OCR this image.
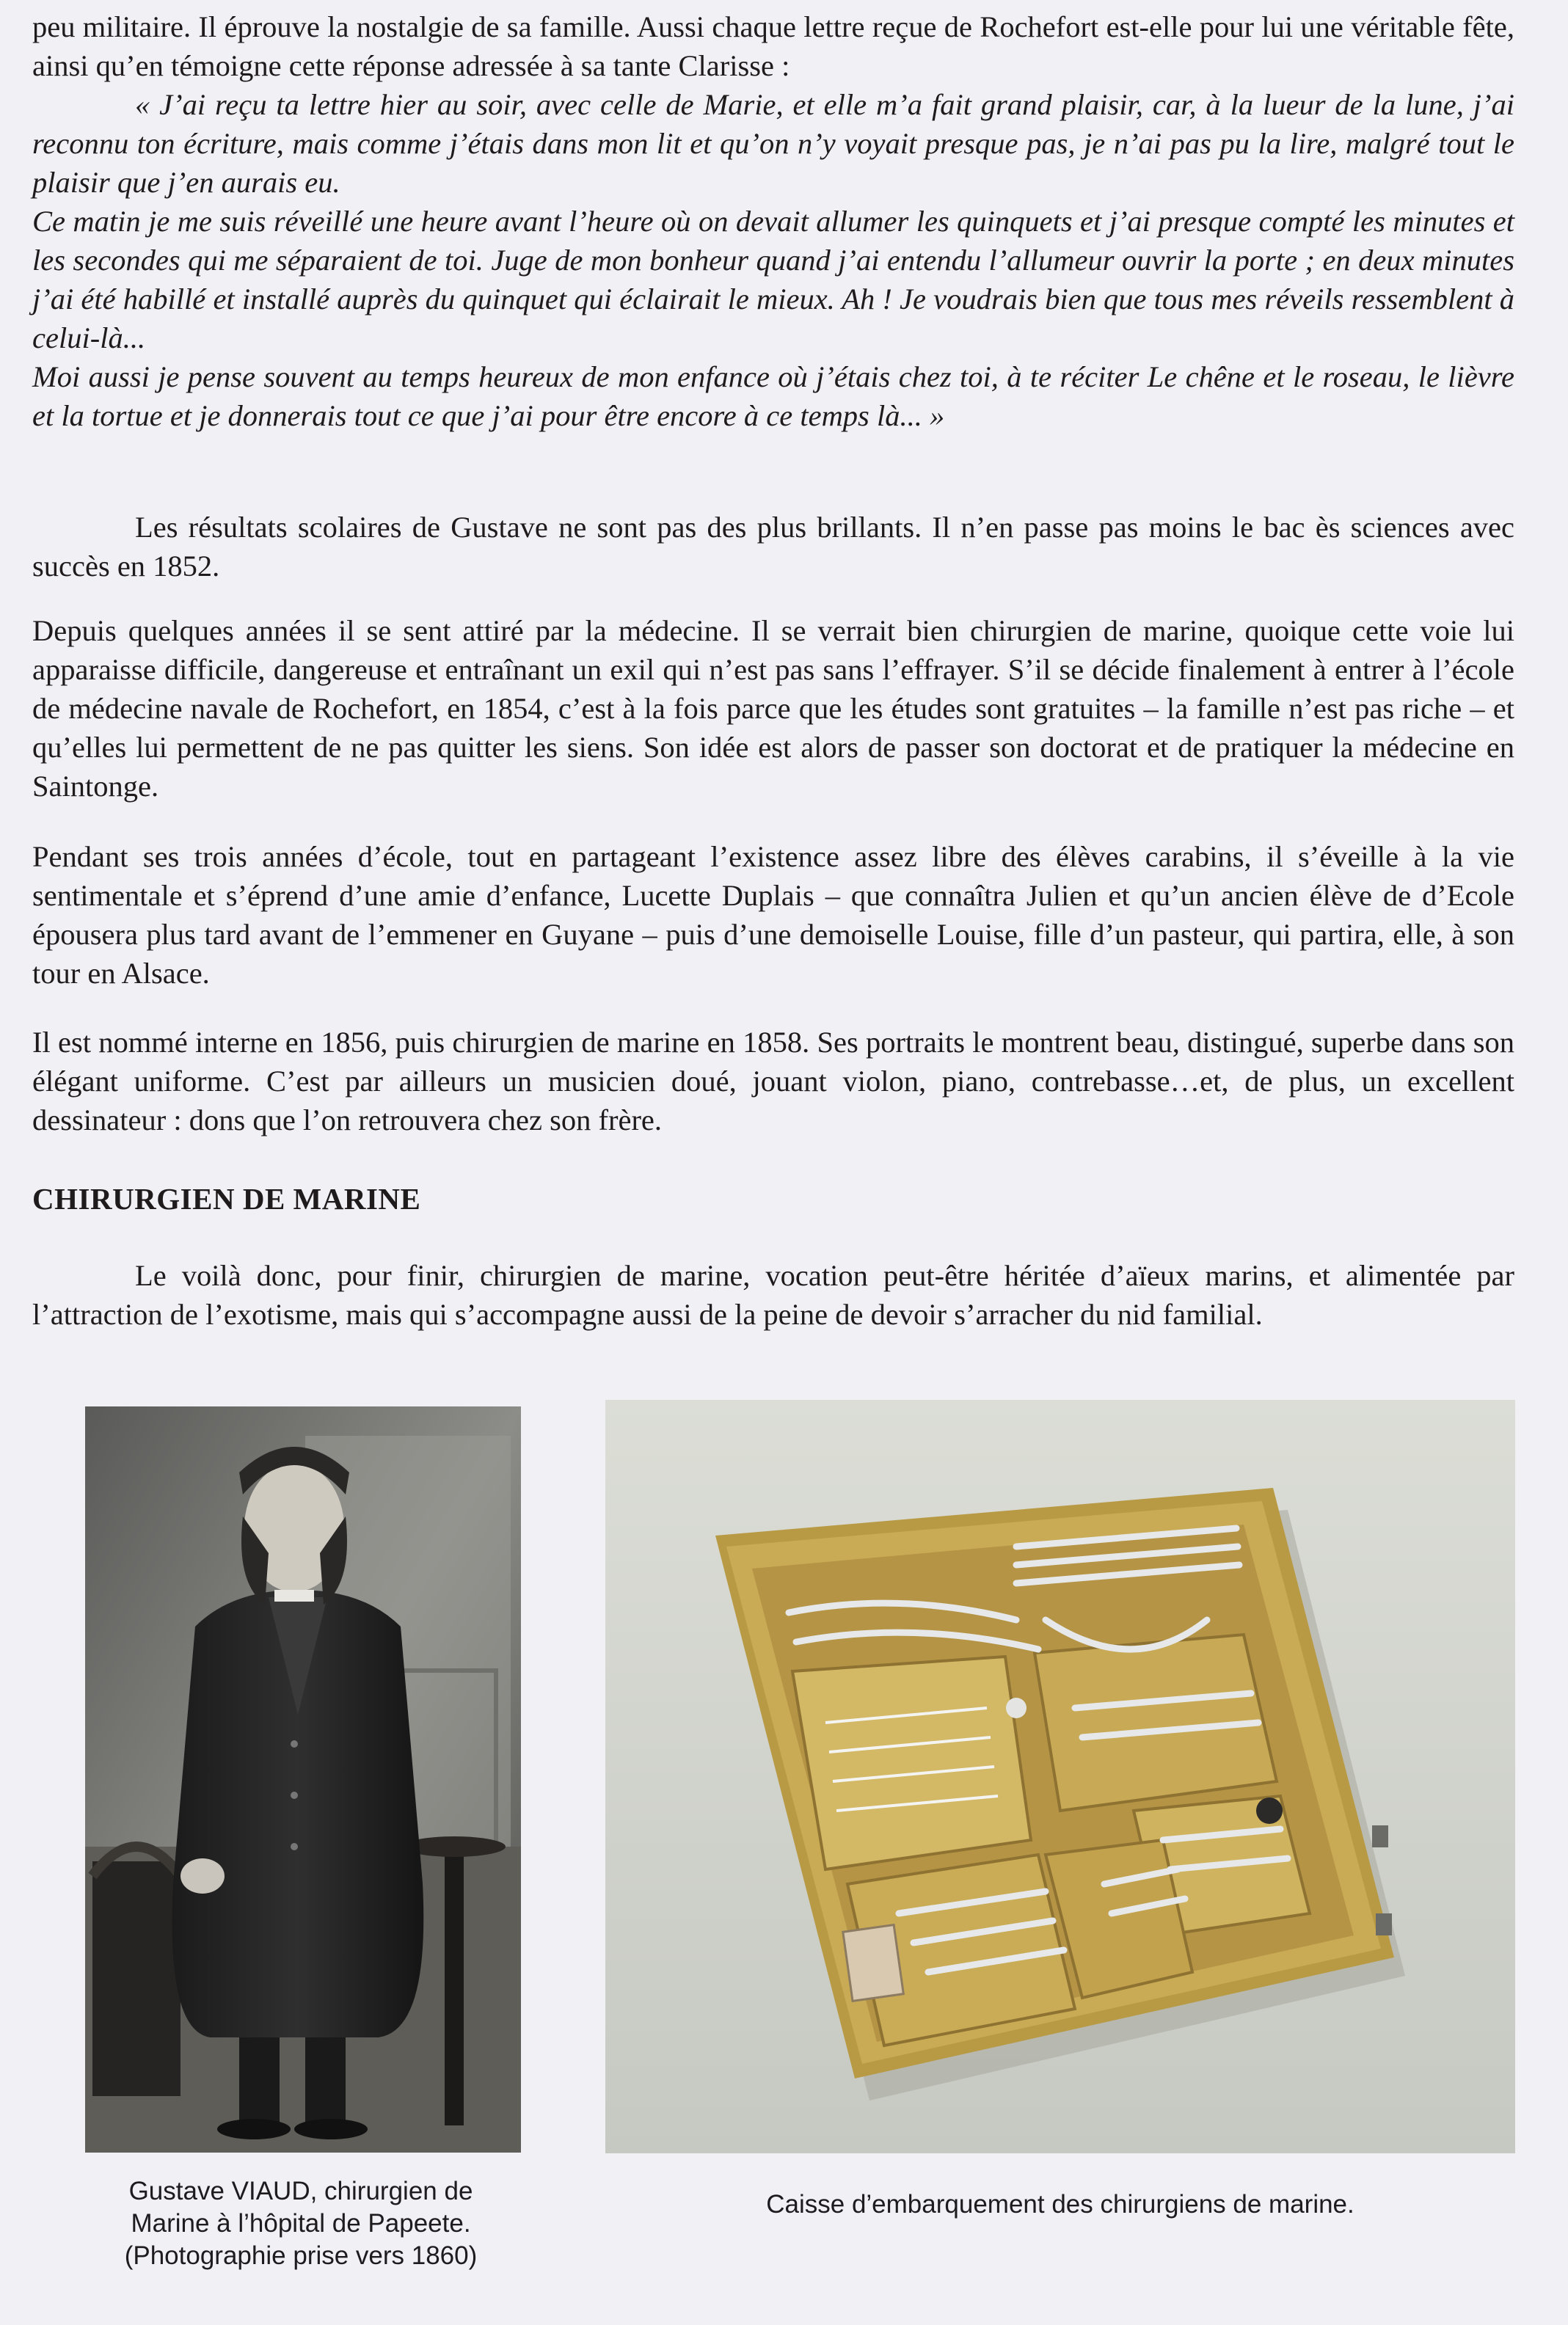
peu militaire. Il éprouve la nostalgie de sa famille. Aussi chaque lettre reçue de Rochefort est-elle pour lui une véritable fête, ainsi qu’en témoigne cette réponse adressée à sa tante Clarisse :
« J’ai reçu ta lettre hier au soir, avec celle de Marie, et elle m’a fait grand plaisir, car, à la lueur de la lune, j’ai reconnu ton écriture, mais comme j’étais dans mon lit et qu’on n’y voyait presque pas, je n’ai pas pu la lire, malgré tout le plaisir que j’en aurais eu.
Ce matin je me suis réveillé une heure avant l’heure où on devait allumer les quinquets et j’ai presque compté les minutes et les secondes qui me séparaient de toi. Juge de mon bonheur quand j’ai entendu l’allumeur ouvrir la porte ; en deux minutes j’ai été habillé et installé auprès du quinquet qui éclairait le mieux. Ah ! Je voudrais bien que tous mes réveils ressemblent à celui-là...
Moi aussi je pense souvent au temps heureux de mon enfance où j’étais chez toi, à te réciter Le chêne et le roseau, le lièvre et la tortue et je donnerais tout ce que j’ai pour être encore à ce temps là... »
Les résultats scolaires de Gustave ne sont pas des plus brillants. Il n’en passe pas moins le bac ès sciences avec succès en 1852.
Depuis quelques années il se sent attiré par la médecine. Il se verrait bien chirurgien de marine, quoique cette voie lui apparaisse difficile, dangereuse et entraînant un exil qui n’est pas sans l’effrayer. S’il se décide finalement à entrer à l’école de médecine navale de Rochefort, en 1854, c’est à la fois parce que les études sont gratuites – la famille n’est pas riche – et qu’elles lui permettent de ne pas quitter les siens. Son idée est alors de passer son doctorat et de pratiquer la médecine en Saintonge.
Pendant ses trois années d’école, tout en partageant l’existence assez libre des élèves carabins, il s’éveille à la vie sentimentale et s’éprend d’une amie d’enfance, Lucette Duplais – que connaîtra Julien et qu’un ancien élève de d’Ecole épousera plus tard avant de l’emmener en Guyane – puis d’une demoiselle Louise, fille d’un pasteur, qui partira, elle, à son tour en Alsace.
Il est nommé interne en 1856, puis chirurgien de marine en 1858. Ses portraits le montrent beau, distingué, superbe dans son élégant uniforme. C’est par ailleurs un musicien doué, jouant violon, piano, contrebasse…et, de plus, un excellent dessinateur : dons que l’on retrouvera chez son frère.
CHIRURGIEN DE MARINE
Le voilà donc, pour finir, chirurgien de marine, vocation peut-être héritée d’aïeux marins, et alimentée par l’attraction de l’exotisme, mais qui s’accompagne aussi de la peine de devoir s’arracher du nid familial.
Gustave VIAUD, chirurgien de
Marine à l’hôpital de Papeete.
(Photographie prise vers 1860)
Caisse d’embarquement des chirurgiens de marine.
